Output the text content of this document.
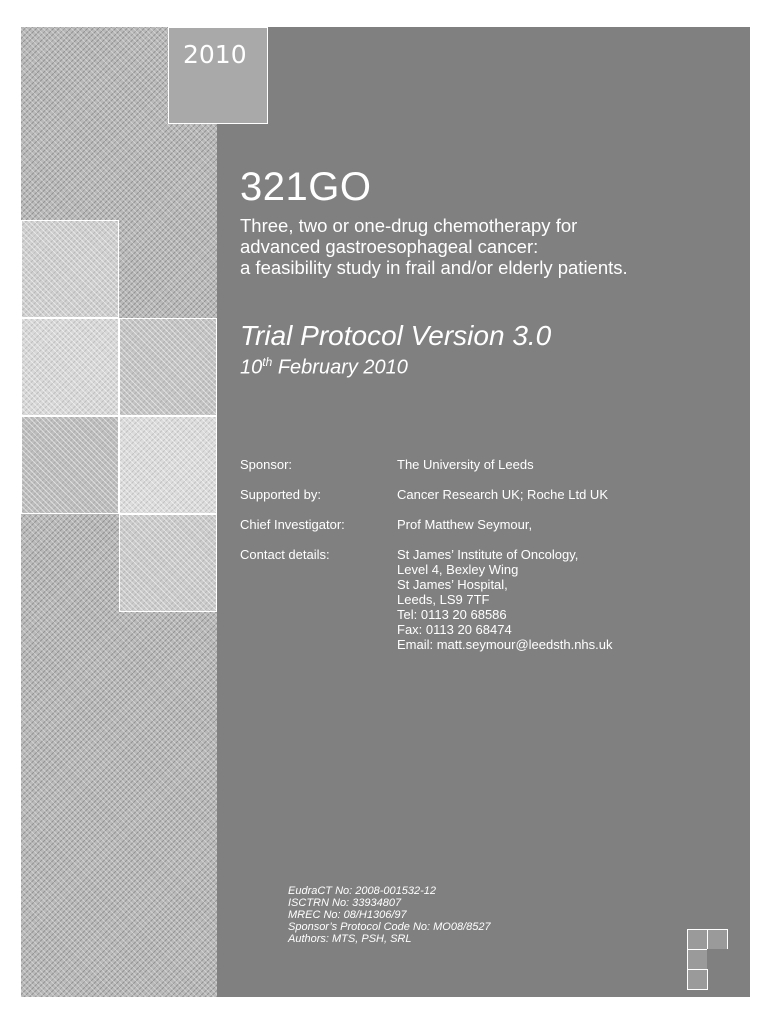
2010
321GO
Three, two or one-drug chemotherapy for
advanced gastroesophageal cancer:
a feasibility study in frail and/or elderly patients.
Trial Protocol Version 3.0
10th February 2010
Sponsor:	The University of Leeds
Supported by:	Cancer Research UK; Roche Ltd UK
Chief Investigator:	Prof Matthew Seymour,
Contact details:	St James’ Institute of Oncology,
Level 4, Bexley Wing
St James’ Hospital,
Leeds, LS9 7TF
Tel: 0113 20 68586
Fax: 0113 20 68474
Email: matt.seymour@leedsth.nhs.uk
EudraCT No: 2008-001532-12
ISCTRN No: 33934807
MREC No: 08/H1306/97
Sponsor’s Protocol Code No: MO08/8527
Authors: MTS, PSH, SRL
